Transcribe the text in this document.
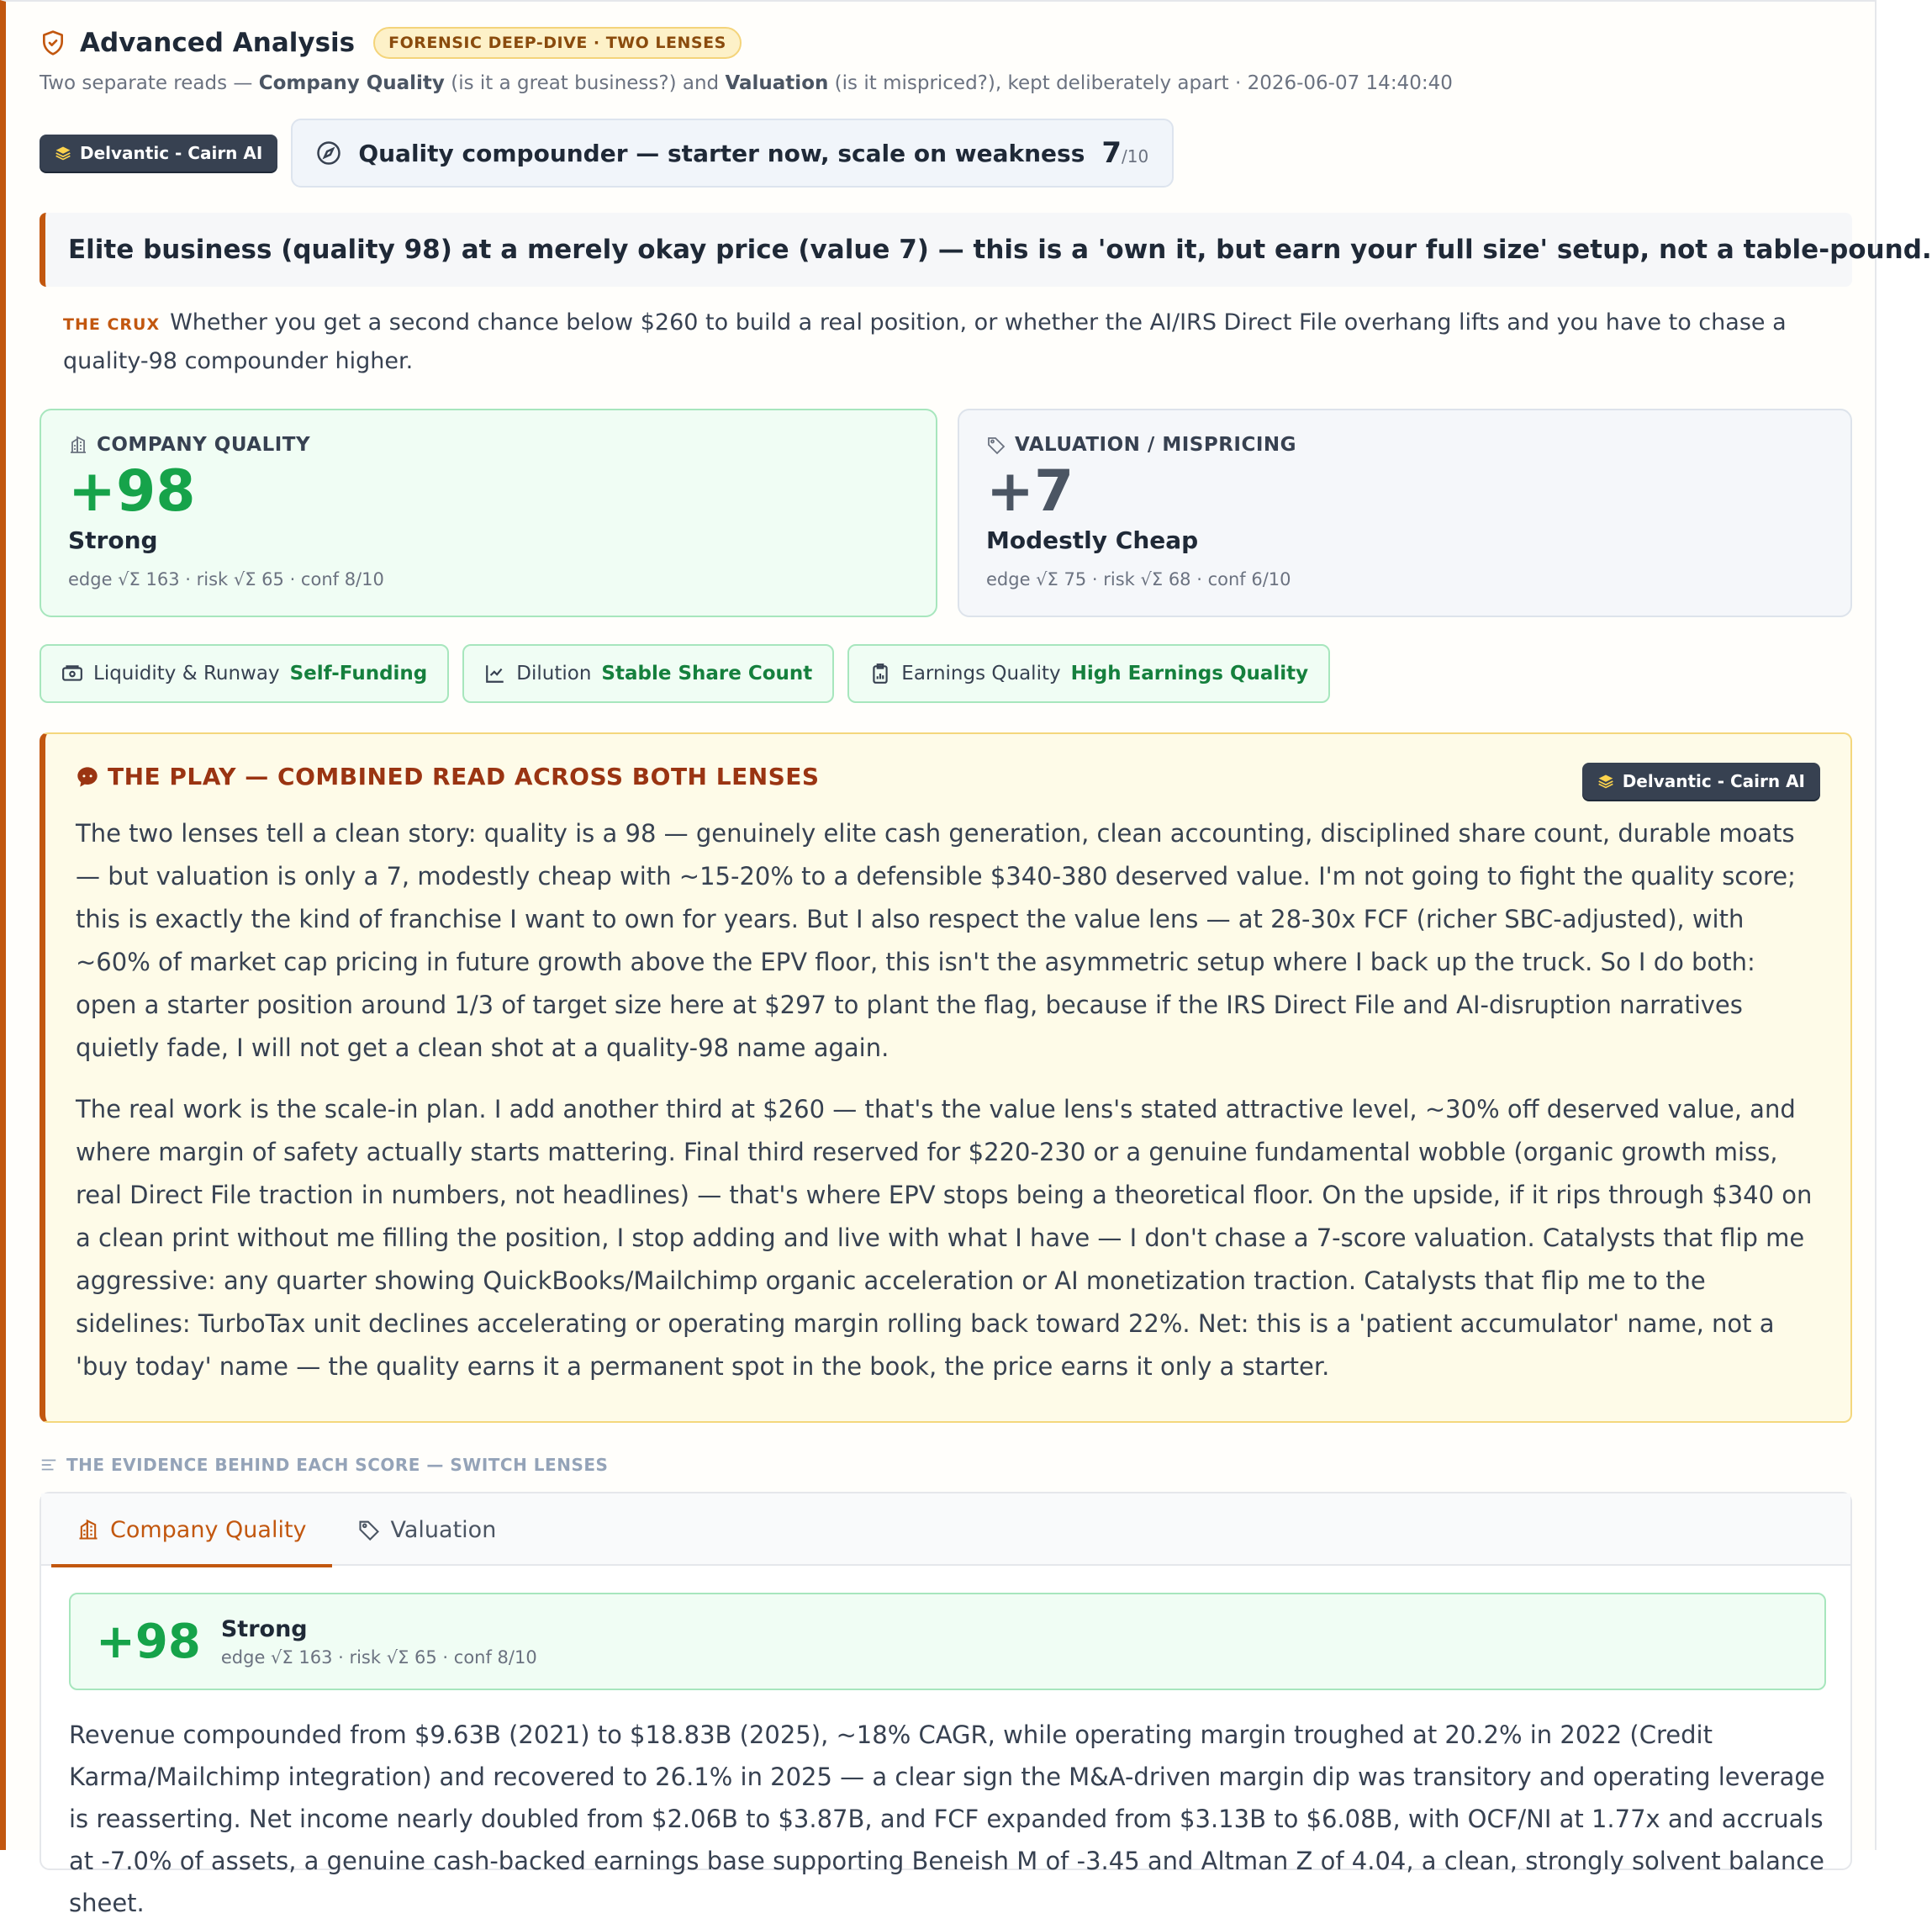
Advanced Analysis	FORENSIC DEEP-DIVE · TWO LENSES
Two separate reads — Company Quality (is it a great business?) and Valuation (is it mispriced?), kept deliberately apart · 2026-06-07 14:40:40
Delvantic - Cairn AI	Quality compounder — starter now, scale on weakness 7/10
Elite business (quality 98) at a merely okay price (value 7) — this is a 'own it, but earn your full size' setup, not a table-pound.
THE CRUX Whether you get a second chance below $260 to build a real position, or whether the AI/IRS Direct File overhang lifts and you have to chase a quality-98 compounder higher.
COMPANY QUALITY
+98
Strong
edge √Σ 163 · risk √Σ 65 · conf 8/10
VALUATION / MISPRICING
+7
Modestly Cheap
edge √Σ 75 · risk √Σ 68 · conf 6/10
Liquidity & Runway Self-Funding	Dilution Stable Share Count	Earnings Quality High Earnings Quality
THE PLAY — COMBINED READ ACROSS BOTH LENSES	Delvantic - Cairn AI

The two lenses tell a clean story: quality is a 98 — genuinely elite cash generation, clean accounting, disciplined share count, durable moats — but valuation is only a 7, modestly cheap with ~15-20% to a defensible $340-380 deserved value. I'm not going to fight the quality score; this is exactly the kind of franchise I want to own for years. But I also respect the value lens — at 28-30x FCF (richer SBC-adjusted), with ~60% of market cap pricing in future growth above the EPV floor, this isn't the asymmetric setup where I back up the truck. So I do both: open a starter position around 1/3 of target size here at $297 to plant the flag, because if the IRS Direct File and AI-disruption narratives quietly fade, I will not get a clean shot at a quality-98 name again.

The real work is the scale-in plan. I add another third at $260 — that's the value lens's stated attractive level, ~30% off deserved value, and where margin of safety actually starts mattering. Final third reserved for $220-230 or a genuine fundamental wobble (organic growth miss, real Direct File traction in numbers, not headlines) — that's where EPV stops being a theoretical floor. On the upside, if it rips through $340 on a clean print without me filling the position, I stop adding and live with what I have — I don't chase a 7-score valuation. Catalysts that flip me aggressive: any quarter showing QuickBooks/Mailchimp organic acceleration or AI monetization traction. Catalysts that flip me to the sidelines: TurboTax unit declines accelerating or operating margin rolling back toward 22%. Net: this is a 'patient accumulator' name, not a 'buy today' name — the quality earns it a permanent spot in the book, the price earns it only a starter.

THE EVIDENCE BEHIND EACH SCORE — SWITCH LENSES
Company Quality	Valuation
+98 Strong
edge √Σ 163 · risk √Σ 65 · conf 8/10
Revenue compounded from $9.63B (2021) to $18.83B (2025), ~18% CAGR, while operating margin troughed at 20.2% in 2022 (Credit Karma/Mailchimp integration) and recovered to 26.1% in 2025 — a clear sign the M&A-driven margin dip was transitory and operating leverage is reasserting. Net income nearly doubled from $2.06B to $3.87B, and FCF expanded from $3.13B to $6.08B, with OCF/NI at 1.77x and accruals at -7.0% of assets, a genuine cash-backed earnings base supporting Beneish M of -3.45 and Altman Z of 4.04, a clean, strongly solvent balance sheet.
